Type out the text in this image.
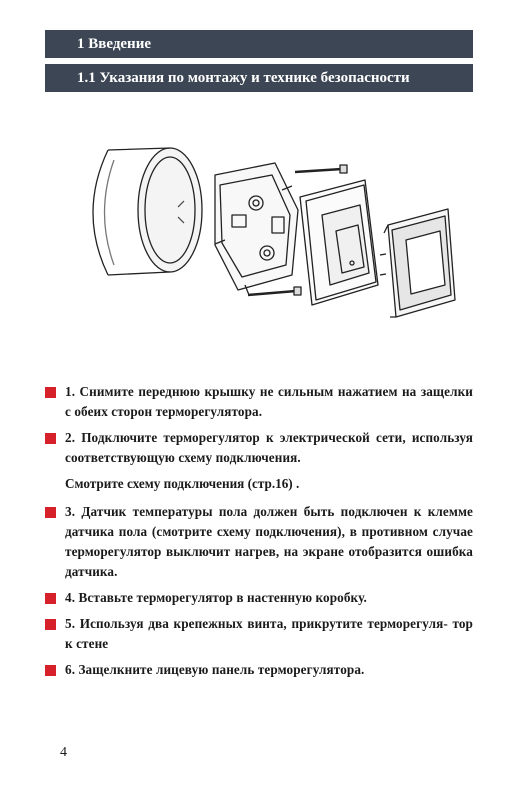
1 Введение
1.1 Указания по монтажу и технике безопасности
1. Снимите переднюю крышку не сильным нажатием на защелки с обеих сторон терморегулятора.
2. Подключите терморегулятор к электрической сети, используя соответствующую схему подключения.
Смотрите схему подключения (стр.16) .
3. Датчик температуры пола должен быть подключен к клемме датчика пола (смотрите схему подключения), в противном случае терморегулятор выключит нагрев, на экране отобразится ошибка датчика.
4. Вставьте терморегулятор в настенную коробку.
5. Используя два крепежных винта, прикрутите терморегуля- тор к стене
6. Защелкните лицевую панель терморегулятора.
4
